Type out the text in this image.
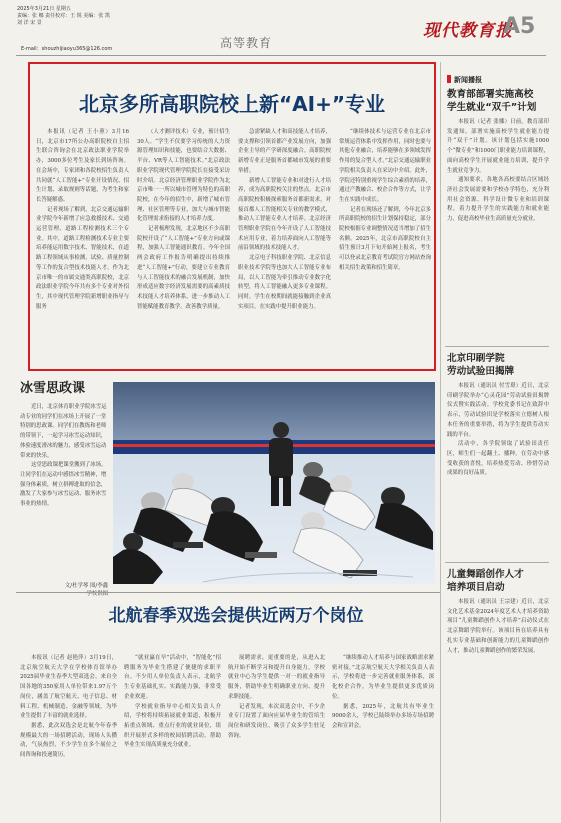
2025年3月21日 星期五
责编：张 娜 责任校对：王 锐 美编：张 凯
刘 洋 宋 景
高等教育
现代教育报
A5
E-mail：shouzhijiaoyu365@126.com
北京多所高职院校上新“AI+”专业

本报讯（记者 王小蕙）3月16日，北京市17所公办高职院校自主招生联合咨询会在北京政法职业学院举办，3000多位考生及家长到场咨询。在会场中，专家团和各院校招生负责人共同就“人工智能+”专业开设情况、招生计划、录取规则等话题，为考生和家长答疑解惑。

记者现场了解到，北京交通运输职业学院今年新增了应急救援技术、交通运营管理、道路工程检测技术三个专业。其中，道路工程检测技术专业主要培养能运用数字技术、智能技术，在道路工程领域从事检测、试验、质量控制等工作的复合型技术技能人才。作为北京市唯一的市属交通类高职院校，北京政法职业学院今年共有多个专业对外招生，其中现代管理学院新增职业指导与服务

（人才测评技术）专业，预计招生30人。“学生不仅要学习传统的人力资源管理知识和技能，也要结合大数据、平台、VR等人工智能技术。”北京政法职业学院现代管理学院院长在接受采访时介绍。北京经济管理职业学院作为北京市唯一一所以城市管理为特色的高职院校，在今年的招生中，新增了城市管理、社区管理等专业，加大与城市智能化管理需求衔接的人才培养力度。

记者梳理发现，北京地区不少高职院校开设了“人工智能+”专业方向或课程，加强人工智能通识教育。今年全国两会政府工作报告明确提出持续推进“人工智能+”行动，要建立专业教育与人工智能技术的融合发展机制，加快形成适应数字经济发展需要的高素质技术技能人才培养体系，进一步推动人工智能赋能教育教学，改善教学质量。

急需紧缺人才和高技能人才培养，要支撑和引领首都产业发展方向，加强企业主导的产学研深度融合。高职院校新增专业正是服务首都城市发展的重要举措。

新增人工智能专业和对进行人才培养，成为高职院校关注的焦点。北京市高职院校积极探索服务首都新需求，对接首都人工智能相关专业的教学模式，推动人工智能专业人才培养。北京经济管理职业学院在今年开设了人工智能技术应用专业，着力培养面向人工智能等前沿领域的技术技能人才。

北京电子科技职业学院、北京信息职业技术学院等也加大人工智能专业布局，以人工智能为牵引推动专业数字化转型，将人工智能融入更多专业课程。同时，学生在校期间就能接触到企业真实项目，在实践中提升职业能力。

“继续体技术与运营专业在北京市常规运营体系中发挥作用，同时也要与其他专业融合，培养能够在多领域发挥作用的复合型人才。”北京交通运输职业学院相关负责人在采访中介绍。此外，学院还特别重视学生综合素质的培养，通过产教融合、校企合作等方式，让学生在实践中成长。

记者在现场还了解到，今年北京多所高职院校的招生计划保持稳定，部分院校根据专业调整情况适当增加了招生名额。2025年，北京市高职院校自主招生预计3月下旬开始网上报名，考生可以登录北京教育考试院官方网站查询相关招生政策和招生简章。

冰雪思政课

近日，北京体育职业学院冰雪运动专业的同学们在冰场上开展了一堂特别的思政课。同学们在教练和老师的带领下，一起学习冰雪运动知识，体验速度滑冰的魅力，感受冰雪运动带来的快乐。

这堂思政课把课堂搬到了冰场，让同学们在运动中感悟冰雪精神，增强身体素质，树立拼搏进取的信念，激发了大家参与冰雪运动、服务冰雪事业的热情。

文/杜学琴 图/李鑫
学校供图
北航春季双选会提供近两万个岗位

本报讯（记者 赵艳萍）3月19日，北京航空航天大学在学校体育馆举办2025届毕业生春季大型双选会。来自全国各地的350家用人单位带来1.97万个岗位，涵盖了航空航天、电子信息、材料工程、机械制造、金融等领域，为毕业生提供了丰富的就业选择。

据悉，此次双选会是北航今年春季规模最大的一场招聘活动，现场人头攒动，气氛热烈，不少学生在多个展位之间咨询和投递简历。

“就业赢在早”活动中，“智能化”招聘服务为毕业生搭建了便捷的求职平台。不少用人单位负责人表示，北航学生专业基础扎实、实践能力强，非常受企业欢迎。

学校就业指导中心相关负责人介绍，学校将持续拓展就业渠道，积极开拓重点领域、重点行业的就业岗位，组织开展形式多样的校园招聘活动，帮助毕业生实现高质量充分就业。

展聘需求，更重要的是，从进入北航开始不断学习和提升自身能力，学校就业中心为学生提供一对一的就业指导服务，帮助毕业生明确职业方向、提升求职技能。

记者发现，本次双选会中，不少企业专门设置了面向应届毕业生的管培生岗位和研发岗位，吸引了众多学生驻足咨询。

“继续推动人才培养与国家战略需求紧密对接，”北京航空航天大学相关负责人表示，学校将进一步完善就业服务体系，深化校企合作，为毕业生提供更多优质岗位。

据悉，2025年，北航共有毕业生9000余人，学校已陆续举办多场专场招聘会和宣讲会。

新闻播报
教育部部署实施高校
学生就业“双千”计划

本报讯（记者 张娜）日前，教育部印发通知，部署实施高校学生就业能力提升“双千”计划。该计划包括实施1000个“微专业”和1000门职业能力培训课程，面向高校学生开展就业能力培训，提升学生就业竞争力。

通知要求，各地各高校要结合区域经济社会发展需要和学校办学特色，充分利用社会资源，科学设计微专业和培训课程，着力提升学生的实践能力和就业能力，促进高校毕业生高质量充分就业。

北京印刷学院
劳动试验田揭牌

本报讯（通讯员 付雪璟）近日，北京印刷学院举办“心灵花园”劳动试验田揭牌仪式暨实践活动。学校党委书记在致辞中表示，劳动试验田是学校落实立德树人根本任务的重要举措，将为学生提供劳动实践的平台。

活动中，各学院领取了试验田责任区，师生们一起翻土、播种，在劳动中感受收获的喜悦，培养热爱劳动、珍惜劳动成果的良好品质。

儿童舞蹈创作人才
培养项目启动

本报讯（通讯员 王宗建）近日，北京文化艺术基金2024年度艺术人才培养资助项目“儿童舞蹈创作人才培养”启动仪式在北京舞蹈学院举行。该项目旨在培养具有扎实专业基础和创新能力的儿童舞蹈创作人才，推动儿童舞蹈创作的繁荣发展。
